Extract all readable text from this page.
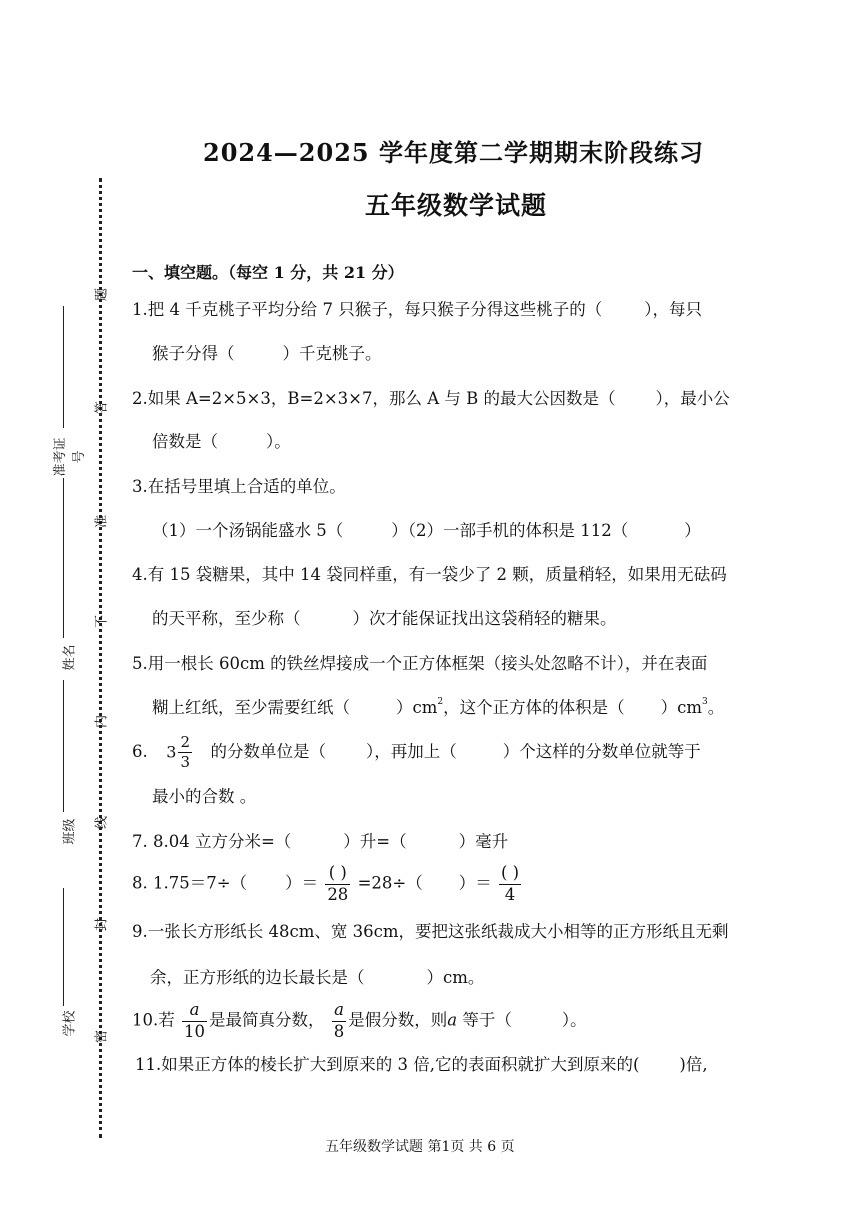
密
封
线
内
不
准
答
题
学校
班级
姓名
准考证号
2024—2025 学年度第二学期期末阶段练习
五年级数学试题
一、填空题。（每空 1 分，共 21 分）
1.把 4 千克桃子平均分给 7 只猴子，每只猴子分得这些桃子的（	），每只
猴子分得（	）千克桃子。
2.如果 A=2×5×3，B=2×3×7，那么 A 与 B 的最大公因数是（ ），最小公
倍数是（	）。
3.在括号里填上合适的单位。
（1）一个汤锅能盛水 5（	）（2）一部手机的体积是 112（	）
4.有 15 袋糖果，其中 14 袋同样重，有一袋少了 2 颗，质量稍轻，如果用无砝码
的天平称，至少称（	）次才能保证找出这袋稍轻的糖果。
5.用一根长 60cm 的铁丝焊接成一个正方体框架（接头处忽略不计），并在表面
糊上红纸，至少需要红纸（	）$cm^2$，这个正方体的体积是（ ）$cm^3$。
6. $3 \frac{2}{3}$ 的分数单位是（ ），再加上（	）个这样的分数单位就等于
最小的合数 。
7. 8.04 立方分米=（	）升=（	）毫升
8. 1.75＝7÷（ ）＝ $\frac{( )}{28} =28\div$（ ）＝ $\frac{( )}{4}$
9.一张长方形纸长 48cm、宽 36cm，要把这张纸裁成大小相等的正方形纸且无剩
余，正方形纸的边长最长是（	）cm。
10.若 $\frac{a}{10}$ 是最简真分数， $\frac{a}{8}$ 是假分数，则a 等于（	）。
11.如果正方体的棱长扩大到原来的 3 倍,它的表面积就扩大到原来的( )倍,
五年级数学试题 第1页 共 6 页
